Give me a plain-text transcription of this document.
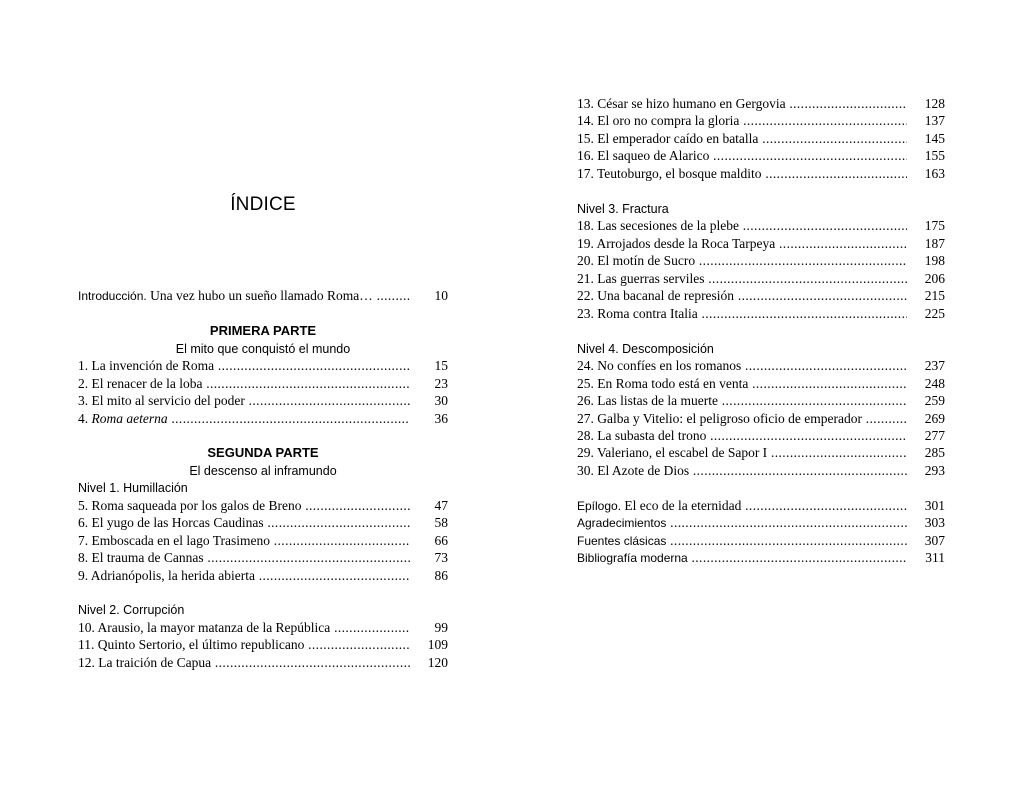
ÍNDICE
Introducción. Una vez hubo un sueño llamado Roma… .....	10
PRIMERA PARTE
El mito que conquistó el mundo
1. La invención de Roma .....	15
2. El renacer de la loba .....	23
3. El mito al servicio del poder .....	30
4. Roma aeterna .....	36
SEGUNDA PARTE
El descenso al inframundo
Nivel 1. Humillación
5. Roma saqueada por los galos de Breno .....	47
6. El yugo de las Horcas Caudinas .....	58
7. Emboscada en el lago Trasimeno .....	66
8. El trauma de Cannas .....	73
9. Adrianópolis, la herida abierta .....	86
Nivel 2. Corrupción
10. Arausio, la mayor matanza de la República .....	99
11. Quinto Sertorio, el último republicano .....	109
12. La traición de Capua .....	120
13. César se hizo humano en Gergovia .....	128
14. El oro no compra la gloria .....	137
15. El emperador caído en batalla .....	145
16. El saqueo de Alarico .....	155
17. Teutoburgo, el bosque maldito .....	163
Nivel 3. Fractura
18. Las secesiones de la plebe .....	175
19. Arrojados desde la Roca Tarpeya .....	187
20. El motín de Sucro .....	198
21. Las guerras serviles .....	206
22. Una bacanal de represión .....	215
23. Roma contra Italia .....	225
Nivel 4. Descomposición
24. No confíes en los romanos .....	237
25. En Roma todo está en venta .....	248
26. Las listas de la muerte .....	259
27. Galba y Vitelio: el peligroso oficio de emperador .....	269
28. La subasta del trono .....	277
29. Valeriano, el escabel de Sapor I .....	285
30. El Azote de Dios .....	293
Epílogo. El eco de la eternidad .....	301
Agradecimientos .....	303
Fuentes clásicas .....	307
Bibliografía moderna .....	311
